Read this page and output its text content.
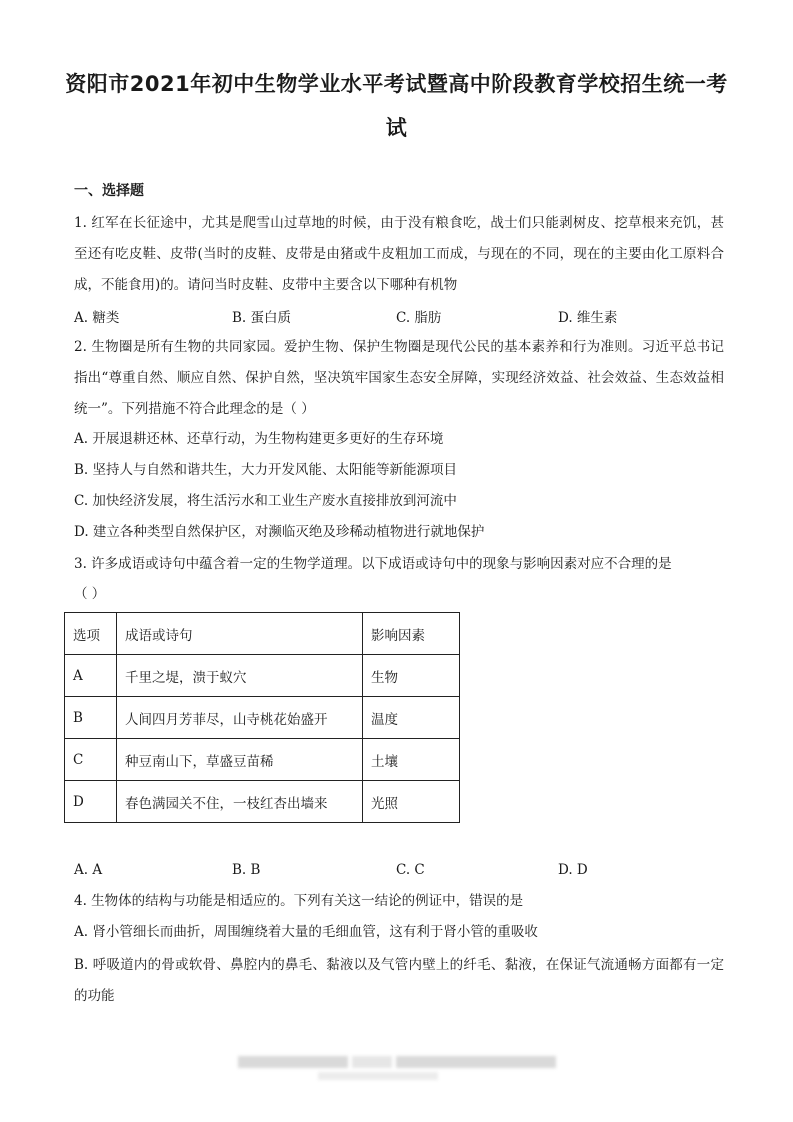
资阳市2021年初中生物学业水平考试暨高中阶段教育学校招生统一考试
一、选择题
1. 红军在长征途中，尤其是爬雪山过草地的时候，由于没有粮食吃，战士们只能剥树皮、挖草根来充饥，甚至还有吃皮鞋、皮带(当时的皮鞋、皮带是由猪或牛皮粗加工而成，与现在的不同，现在的主要由化工原料合成，不能食用)的。请问当时皮鞋、皮带中主要含以下哪种有机物
A. 糖类	B. 蛋白质	C. 脂肪	D. 维生素
2. 生物圈是所有生物的共同家园。爱护生物、保护生物圈是现代公民的基本素养和行为准则。习近平总书记指出“尊重自然、顺应自然、保护自然，坚决筑牢国家生态安全屏障，实现经济效益、社会效益、生态效益相统一”。下列措施不符合此理念的是（ ）
A. 开展退耕还林、还草行动，为生物构建更多更好的生存环境
B. 坚持人与自然和谐共生，大力开发风能、太阳能等新能源项目
C. 加快经济发展，将生活污水和工业生产废水直接排放到河流中
D. 建立各种类型自然保护区，对濒临灭绝及珍稀动植物进行就地保护
3. 许多成语或诗句中蕴含着一定的生物学道理。以下成语或诗句中的现象与影响因素对应不合理的是
（ ）
选项	成语或诗句	影响因素
A	千里之堤，溃于蚁穴	生物
B	人间四月芳菲尽，山寺桃花始盛开	温度
C	种豆南山下，草盛豆苗稀	土壤
D	春色满园关不住，一枝红杏出墙来	光照
A. A	B. B	C. C	D. D
4. 生物体的结构与功能是相适应的。下列有关这一结论的例证中，错误的是
A. 肾小管细长而曲折，周围缠绕着大量的毛细血管，这有利于肾小管的重吸收
B. 呼吸道内的骨或软骨、鼻腔内的鼻毛、黏液以及气管内壁上的纤毛、黏液，在保证气流通畅方面都有一定的功能
